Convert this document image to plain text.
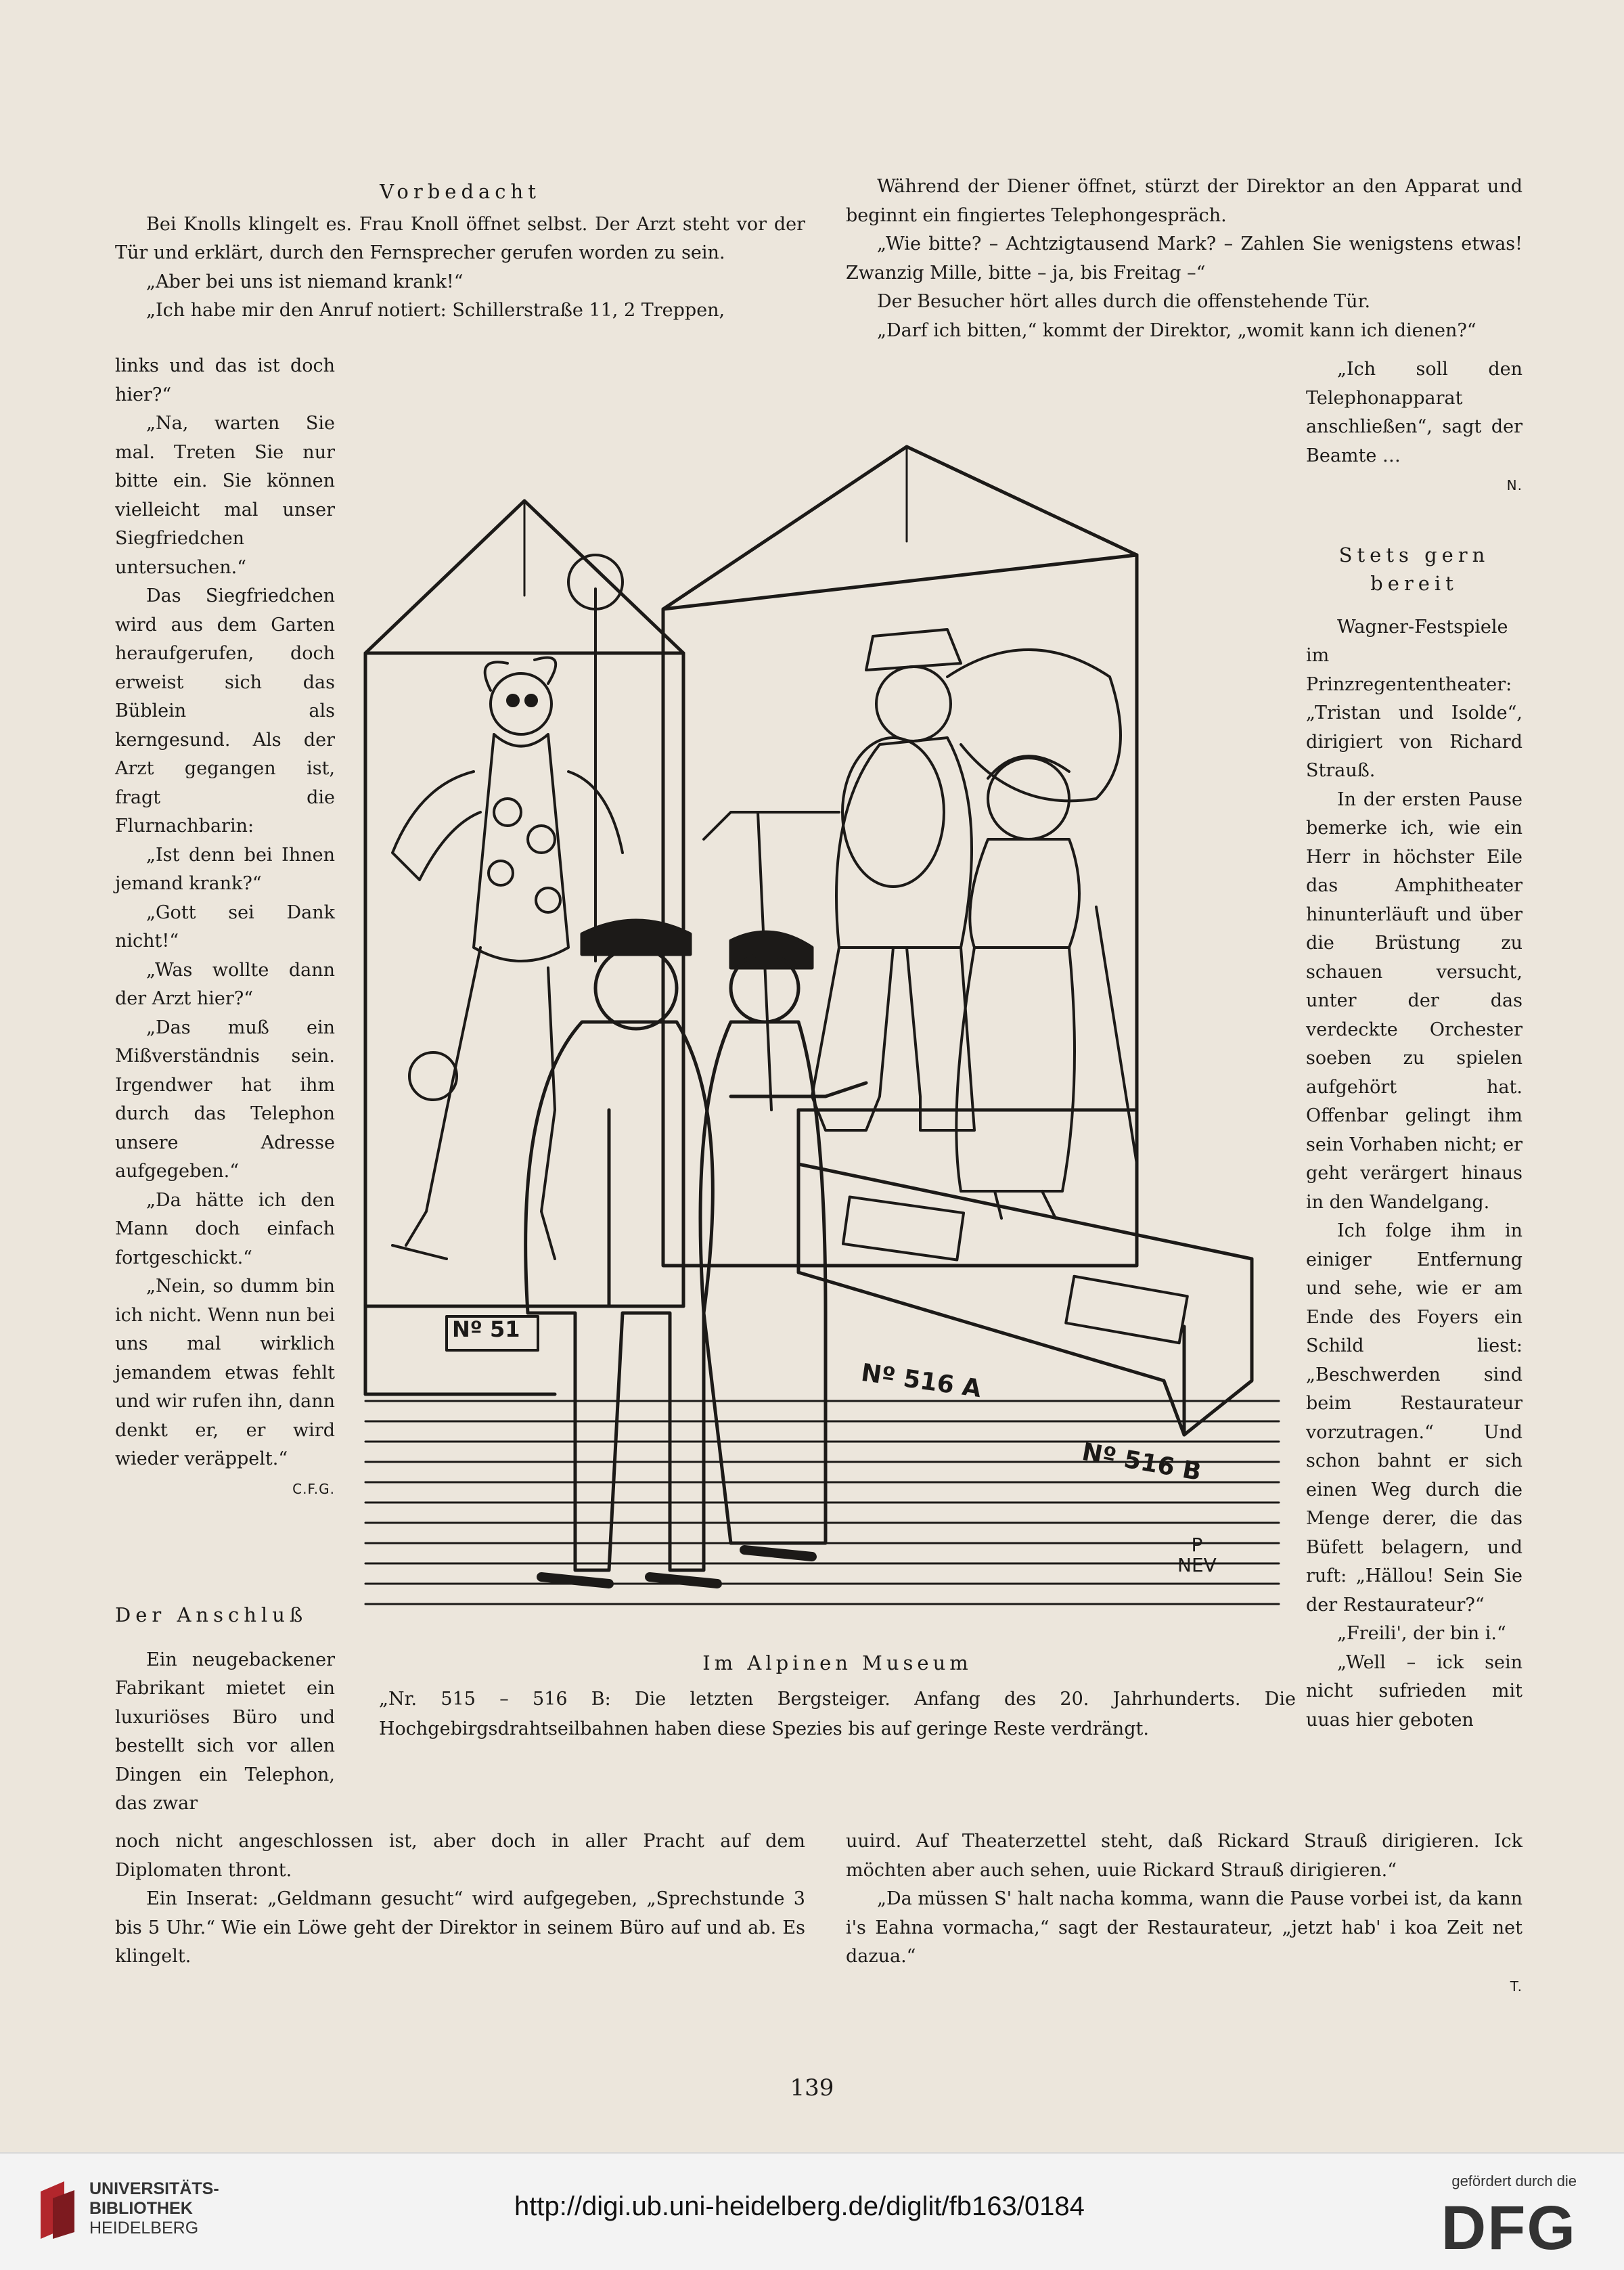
Vorbedacht

Bei Knolls klingelt es. Frau Knoll öffnet selbst. Der Arzt steht vor der Tür und erklärt, durch den Fernsprecher gerufen worden zu sein.

„Aber bei uns ist niemand krank!“

„Ich habe mir den Anruf notiert: Schillerstraße 11, 2 Treppen,

links und das ist doch hier?“

„Na, warten Sie mal. Treten Sie nur bitte ein. Sie können vielleicht mal unser Siegfriedchen untersuchen.“

Das Siegfriedchen wird aus dem Garten heraufgerufen, doch erweist sich das Büblein als kerngesund. Als der Arzt gegangen ist, fragt die Flurnachbarin:

„Ist denn bei Ihnen jemand krank?“

„Gott sei Dank nicht!“

„Was wollte dann der Arzt hier?“

„Das muß ein Mißverständnis sein. Irgendwer hat ihm durch das Telephon unsere Adresse aufgegeben.“

„Da hätte ich den Mann doch einfach fortgeschickt.“

„Nein, so dumm bin ich nicht. Wenn nun bei uns mal wirklich jemandem etwas fehlt und wir rufen ihn, dann denkt er, er wird wieder veräppelt.“

C.F.G.

Während der Diener öffnet, stürzt der Direktor an den Apparat und beginnt ein fingiertes Telephongespräch.

„Wie bitte? – Achtzigtausend Mark? – Zahlen Sie wenigstens etwas! Zwanzig Mille, bitte – ja, bis Freitag –“

Der Besucher hört alles durch die offenstehende Tür.

„Darf ich bitten,“ kommt der Direktor, „womit kann ich dienen?“

„Ich soll den Telephonapparat anschließen“, sagt der Beamte …

N.
Stets gern bereit

Wagner-Festspiele im Prinzregententheater: „Tristan und Isolde“, dirigiert von Richard Strauß.

In der ersten Pause bemerke ich, wie ein Herr in höchster Eile das Amphitheater hinunterläuft und über die Brüstung zu schauen versucht, unter der das verdeckte Orchester soeben zu spielen aufgehört hat. Offenbar gelingt ihm sein Vorhaben nicht; er geht verärgert hinaus in den Wandelgang.

Ich folge ihm in einiger Entfernung und sehe, wie er am Ende des Foyers ein Schild liest: „Beschwerden sind beim Restaurateur vorzutragen.“ Und schon bahnt er sich einen Weg durch die Menge derer, die das Büfett belagern, und ruft: „Hällou! Sein Sie der Restaurateur?“

„Freili', der bin i.“

„Well – ick sein nicht sufrieden mit uuas hier geboten

Der Anschluß

Ein neugebackener Fabrikant mietet ein luxuriöses Büro und bestellt sich vor allen Dingen ein Telephon, das zwar

noch nicht angeschlossen ist, aber doch in aller Pracht auf dem Diplomaten thront.

Ein Inserat: „Geldmann gesucht“ wird aufgegeben, „Sprechstunde 3 bis 5 Uhr.“ Wie ein Löwe geht der Direktor in seinem Büro auf und ab. Es klingelt.

uuird. Auf Theaterzettel steht, daß Rickard Strauß dirigieren. Ick möchten aber auch sehen, uuie Rickard Strauß dirigieren.“

„Da müssen S' halt nacha komma, wann die Pause vorbei ist, da kann i's Eahna vormacha,“ sagt der Restaurateur, „jetzt hab' i koa Zeit net dazua.“

T.
Nº 51
Nº 516 A
Nº 516 B
P
NEV
Im Alpinen Museum
„Nr. 515 – 516 B: Die letzten Bergsteiger. Anfang des 20. Jahrhunderts. Die Hochgebirgsdrahtseilbahnen haben diese Spezies bis auf geringe Reste verdrängt.
139
UNIVERSITÄTS-
BIBLIOTHEK
HEIDELBERG
http://digi.ub.uni-heidelberg.de/diglit/fb163/0184
gefördert durch die
DFG
